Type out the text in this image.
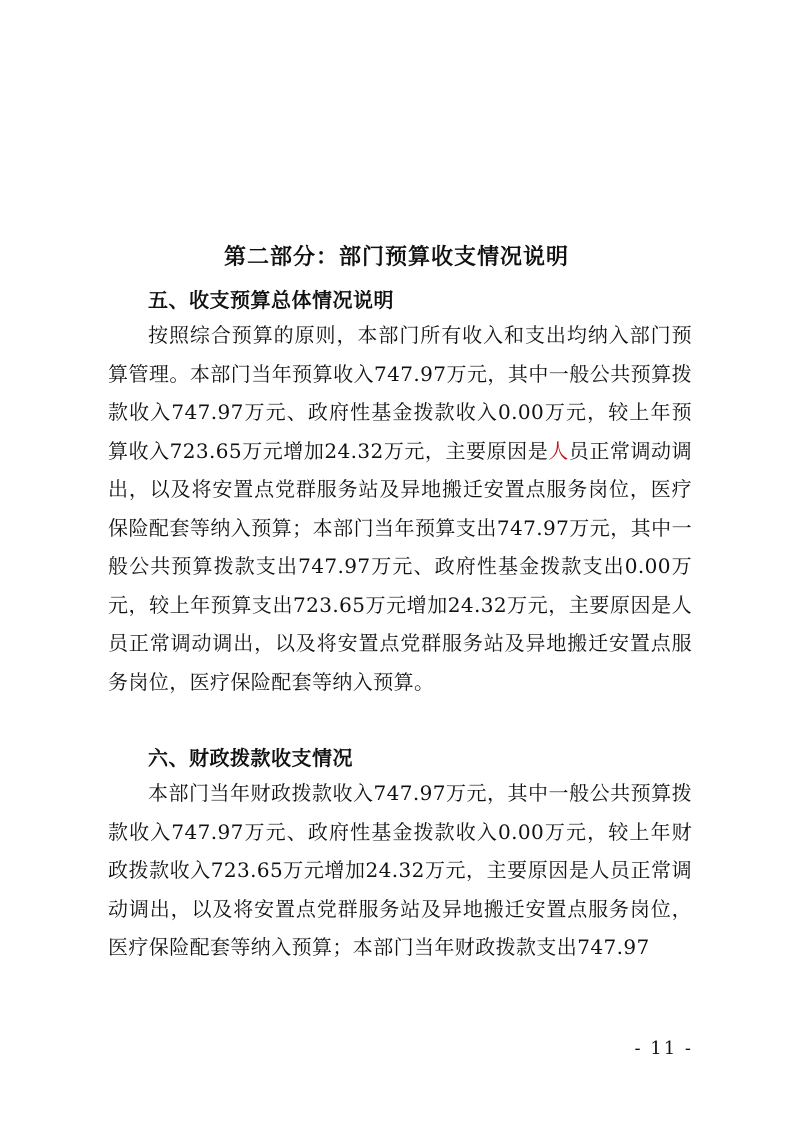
第二部分：部门预算收支情况说明
五、收支预算总体情况说明

按照综合预算的原则，本部门所有收入和支出均纳入部门预算管理。本部门当年预算收入747.97万元，其中一般公共预算拨款收入747.97万元、政府性基金拨款收入0.00万元，较上年预算收入723.65万元增加24.32万元，主要原因是人员正常调动调出，以及将安置点党群服务站及异地搬迁安置点服务岗位，医疗保险配套等纳入预算；本部门当年预算支出747.97万元，其中一般公共预算拨款支出747.97万元、政府性基金拨款支出0.00万元，较上年预算支出723.65万元增加24.32万元，主要原因是人员正常调动调出，以及将安置点党群服务站及异地搬迁安置点服务岗位，医疗保险配套等纳入预算。

六、财政拨款收支情况

本部门当年财政拨款收入747.97万元，其中一般公共预算拨款收入747.97万元、政府性基金拨款收入0.00万元，较上年财政拨款收入723.65万元增加24.32万元，主要原因是人员正常调动调出，以及将安置点党群服务站及异地搬迁安置点服务岗位，医疗保险配套等纳入预算；本部门当年财政拨款支出747.97

- 11 -
